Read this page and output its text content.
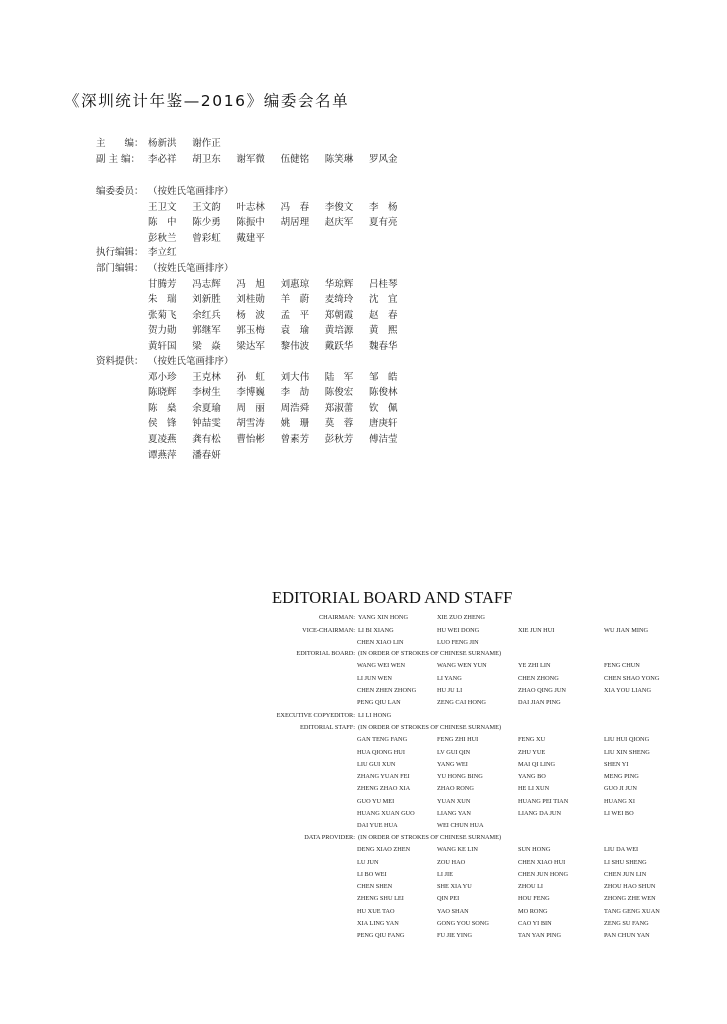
《深圳统计年鉴—2016》编委会名单
主　　编： 杨新洪 谢作正
副 主 编： 李必祥 胡卫东 谢军微 伍健铭 陈笑琳 罗风金
编委委员： （按姓氏笔画排序）
王卫文 王文韵 叶志林 冯　春 李俊文 李　杨
陈　中 陈少勇 陈振中 胡居理 赵庆军 夏有亮
彭秋兰 曾彩虹 戴建平
执行编辑： 李立红
部门编辑： （按姓氏笔画排序）
甘腾芳 冯志辉 冯　旭 刘惠琼 华琼辉 吕桂琴
朱　瑞 刘新胜 刘桂勋 羊　蔚 麦绮玲 沈　宜
张菊飞 余红兵 杨　波 孟　平 郑朝霞 赵　春
贺力勋 郭继军 郭玉梅 袁　瑜 黄培源 黄　熙
黄轩国 梁　焱 梁达军 黎伟波 戴跃华 魏春华
资料提供： （按姓氏笔画排序）
邓小珍 王克林 孙　虹 刘大伟 陆　军 邹　皓
陈晓辉 李树生 李博巍 李　劼 陈俊宏 陈俊林
陈　燊 余夏瑜 周　丽 周浩舜 郑淑蕾 钦　佩
侯　锋 钟喆雯 胡雪涛 姚　珊 莫　蓉 唐庚轩
夏凌燕 龚有松 曹怡彬 曾素芳 彭秋芳 傅洁莹
谭燕萍 潘春妍
EDITORIAL BOARD AND STAFF
CHAIRMAN: YANG XIN HONG	XIE ZUO ZHENG
VICE-CHAIRMAN: LI BI XIANG	HU WEI DONG	XIE JUN HUI	WU JIAN MING
CHEN XIAO LIN	LUO FENG JIN
EDITORIAL BOARD: (IN ORDER OF STROKES OF CHINESE SURNAME)
WANG WEI WEN	WANG WEN YUN	YE ZHI LIN	FENG CHUN
LI JUN WEN	LI YANG	CHEN ZHONG	CHEN SHAO YONG
CHEN ZHEN ZHONG	HU JU LI	ZHAO QING JUN	XIA YOU LIANG
PENG QIU LAN	ZENG CAI HONG	DAI JIAN PING
EXECUTIVE COPYEDITOR: LI LI HONG
EDITORIAL STAFF: (IN ORDER OF STROKES OF CHINESE SURNAME)
GAN TENG FANG	FENG ZHI HUI	FENG XU	LIU HUI QIONG
HUA QIONG HUI	LV GUI QIN	ZHU YUE	LIU XIN SHENG
LIU GUI XUN	YANG WEI	MAI QI LING	SHEN YI
ZHANG YUAN FEI	YU HONG BING	YANG BO	MENG PING
ZHENG ZHAO XIA	ZHAO RONG	HE LI XUN	GUO JI JUN
GUO YU MEI	YUAN XUN	HUANG PEI TIAN	HUANG XI
HUANG XUAN GUO	LIANG YAN	LIANG DA JUN	LI WEI BO
DAI YUE HUA	WEI CHUN HUA
DATA PROVIDER: (IN ORDER OF STROKES OF CHINESE SURNAME)
DENG XIAO ZHEN	WANG KE LIN	SUN HONG	LIU DA WEI
LU JUN	ZOU HAO	CHEN XIAO HUI	LI SHU SHENG
LI BO WEI	LI JIE	CHEN JUN HONG	CHEN JUN LIN
CHEN SHEN	SHE XIA YU	ZHOU LI	ZHOU HAO SHUN
ZHENG SHU LEI	QIN PEI	HOU FENG	ZHONG ZHE WEN
HU XUE TAO	YAO SHAN	MO RONG	TANG GENG XUAN
XIA LING YAN	GONG YOU SONG	CAO YI BIN	ZENG SU FANG
PENG QIU FANG	FU JIE YING	TAN YAN PING	PAN CHUN YAN
